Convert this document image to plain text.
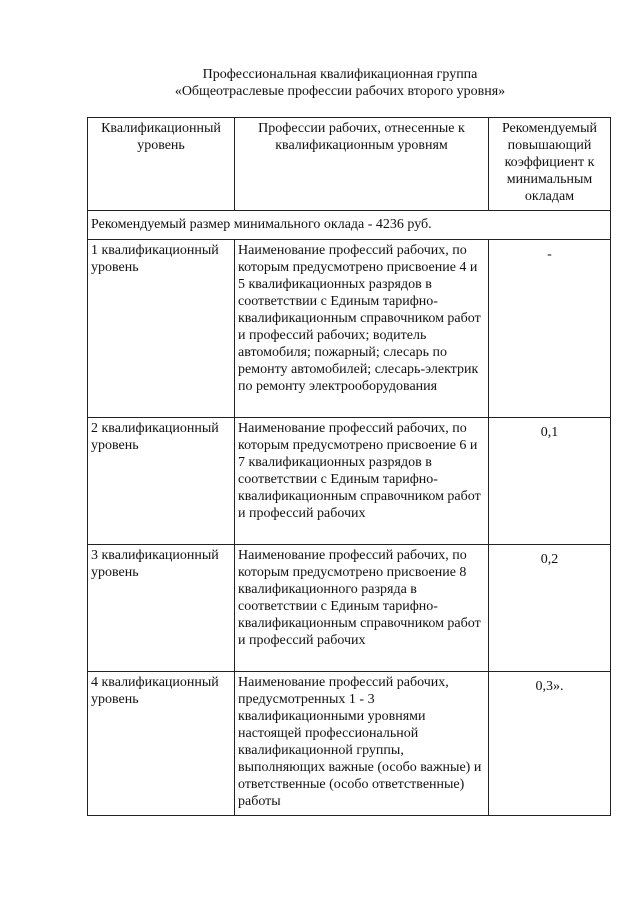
Профессиональная квалификационная группа
«Общеотраслевые профессии рабочих второго уровня»
Квалификационный уровень	Профессии рабочих, отнесенные к квалификационным уровням	Рекомендуемый повышающий коэффициент к минимальным окладам
Рекомендуемый размер минимального оклада - 4236 руб.		
1 квалификационный уровень	Наименование профессий рабочих, по которым предусмотрено присвоение 4 и 5 квалификационных разрядов в соответствии с Единым тарифно-квалификационным справочником работ и профессий рабочих; водитель автомобиля; пожарный; слесарь по ремонту автомобилей; слесарь-электрик по ремонту электрооборудования	-
2 квалификационный уровень	Наименование профессий рабочих, по которым предусмотрено присвоение 6 и 7 квалификационных разрядов в соответствии с Единым тарифно-квалификационным справочником работ и профессий рабочих	0,1
3 квалификационный уровень	Наименование профессий рабочих, по которым предусмотрено присвоение 8 квалификационного разряда в соответствии с Единым тарифно-квалификационным справочником работ и профессий рабочих	0,2
4 квалификационный уровень	Наименование профессий рабочих, предусмотренных 1 - 3 квалификационными уровнями настоящей профессиональной квалификационной группы, выполняющих важные (особо важные) и ответственные (особо ответственные) работы	0,3».
